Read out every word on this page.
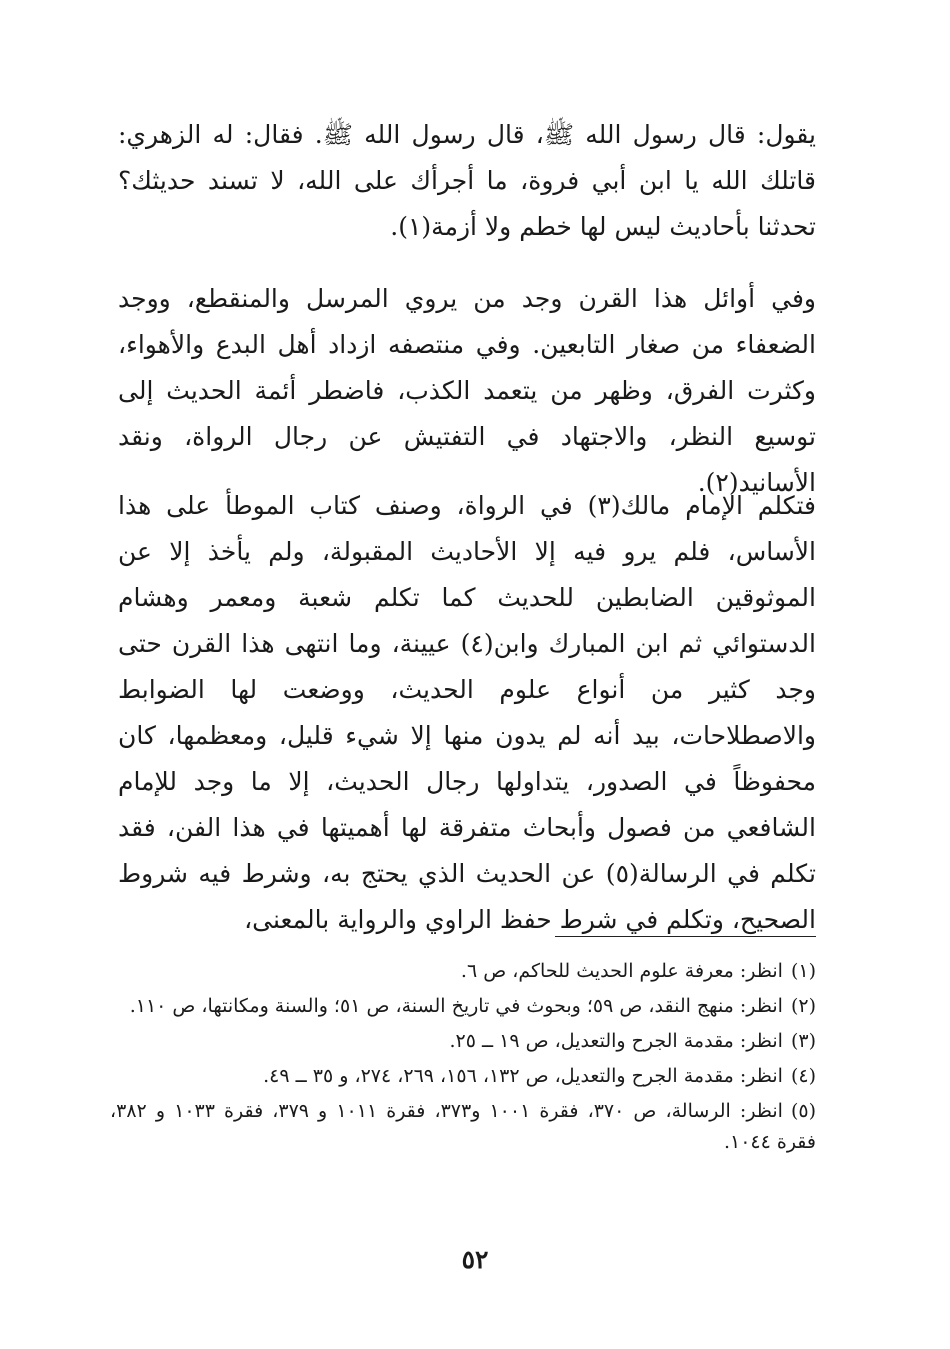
يقول: قال رسول الله ﷺ، قال رسول الله ﷺ. فقال: له الزهري: قاتلك الله يا ابن أبي فروة، ما أجرأك على الله، لا تسند حديثك؟ تحدثنا بأحاديث ليس لها خطم ولا أزمة(١).

وفي أوائل هذا القرن وجد من يروي المرسل والمنقطع، ووجد الضعفاء من صغار التابعين. وفي منتصفه ازداد أهل البدع والأهواء، وكثرت الفرق، وظهر من يتعمد الكذب، فاضطر أئمة الحديث إلى توسيع النظر، والاجتهاد في التفتيش عن رجال الرواة، ونقد الأسانيد(٢).

فتكلم الإمام مالك(٣) في الرواة، وصنف كتاب الموطأ على هذا الأساس، فلم يرو فيه إلا الأحاديث المقبولة، ولم يأخذ إلا عن الموثوقين الضابطين للحديث كما تكلم شعبة ومعمر وهشام الدستوائي ثم ابن المبارك وابن(٤) عيينة، وما انتهى هذا القرن حتى وجد كثير من أنواع علوم الحديث، ووضعت لها الضوابط والاصطلاحات، بيد أنه لم يدون منها إلا شيء قليل، ومعظمها، كان محفوظاً في الصدور، يتداولها رجال الحديث، إلا ما وجد للإمام الشافعي من فصول وأبحاث متفرقة لها أهميتها في هذا الفن، فقد تكلم في الرسالة(٥) عن الحديث الذي يحتج به، وشرط فيه شروط الصحيح، وتكلم في شرط حفظ الراوي والرواية بالمعنى،

(١)انظر: معرفة علوم الحديث للحاكم، ص ٦.

(٢)انظر: منهج النقد، ص ٥٩؛ وبحوث في تاريخ السنة، ص ٥١؛ والسنة ومكانتها، ص ١١٠.

(٣)انظر: مقدمة الجرح والتعديل، ص ١٩ ــ ٢٥.

(٤)انظر: مقدمة الجرح والتعديل، ص ١٣٢، ١٥٦، ٢٦٩، ٢٧٤، و ٣٥ ــ ٤٩.

(٥)انظر: الرسالة، ص ٣٧٠، فقرة ١٠٠١ و٣٧٣، فقرة ١٠١١ و ٣٧٩، فقرة ١٠٣٣ و ٣٨٢، فقرة ١٠٤٤.

٥٢
